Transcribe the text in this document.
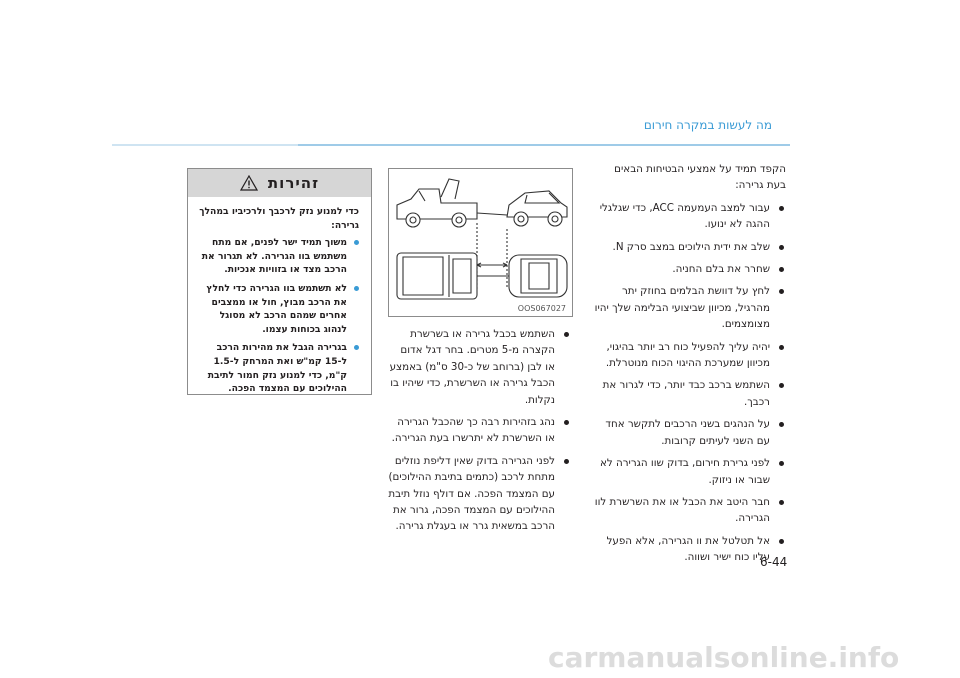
מה לעשות במקרה חירום

הקפד תמיד על אמצעי הבטיחות הבאים בעת גרירה:

עבור למצב העמעמה ACC, כדי שגלגלי ההגה לא ינועו.
שלב את ידית הילוכים במצב סרק N.
שחרר את בלם החניה.
לחץ על דוושת הבלמים בחוזק יתר מהרגיל, מכיוון שביצועי הבלימה שלך יהיו מצומצמים.
יהיה עליך להפעיל כוח רב יותר בהיגוי, מכיוון שמערכת ההיגוי הכוח מנוטרלת.
השתמש ברכב כבד יותר, כדי לגרור את רכבך.
על הנהגים בשני הרכבים לתקשר אחד עם השני לעיתים קרובות.
לפני גרירת חירום, בדוק שוו הגרירה לא שבור או ניזוק.
חבר היטב את הכבל או את השרשרת לוו הגרירה.
אל תטלטל את וו הגרירה, אלא הפעל עליו כוח ישיר ושווה.
OOS067027
השתמש בכבל גרירה או בשרשרת הקצרה מ-5 מטרים. בחר דגל אדום או לבן (ברוחב של כ-30 ס"מ) באמצע הכבל גרירה או השרשרת, כדי שיהיו בו נקלות.
נהג בזהירות רבה כך שהכבל הגרירה או השרשרת לא יתרשרו בעת הגרירה.
לפני הגרירה בדוק שאין דליפת נוזלים מתחת לרכב (כתמים בתיבת ההילוכים) עם המצמד הפכה. אם דולף נוזל תיבת ההילוכים עם המצמד הפכה, גרור את הרכב במשאית גרר או בעגלת גרירה.
זהירות
כדי למנוע נזק לרכבך ולרכיביו במהלך גרירה:
משוך תמיד ישר לפנים, אם מתח משתמש בוו הגרירה. לא תגרור את הרכב מצד או בזוויות אנכיות.
לא תשתמש בוו הגרירה כדי לחלץ את הרכב מבוץ, חול או ממצבים אחרים שמהם הרכב לא מסוגל לנהוג בכוחות עצמו.
בגרירה הגבל את מהירות הרכב ל-15 קמ"ש ואת המרחק ל-1.5 ק"מ, כדי למנוע נזק חמור לתיבת ההילוכים עם המצמד הפכה.
6-44
carmanualsonline.info
